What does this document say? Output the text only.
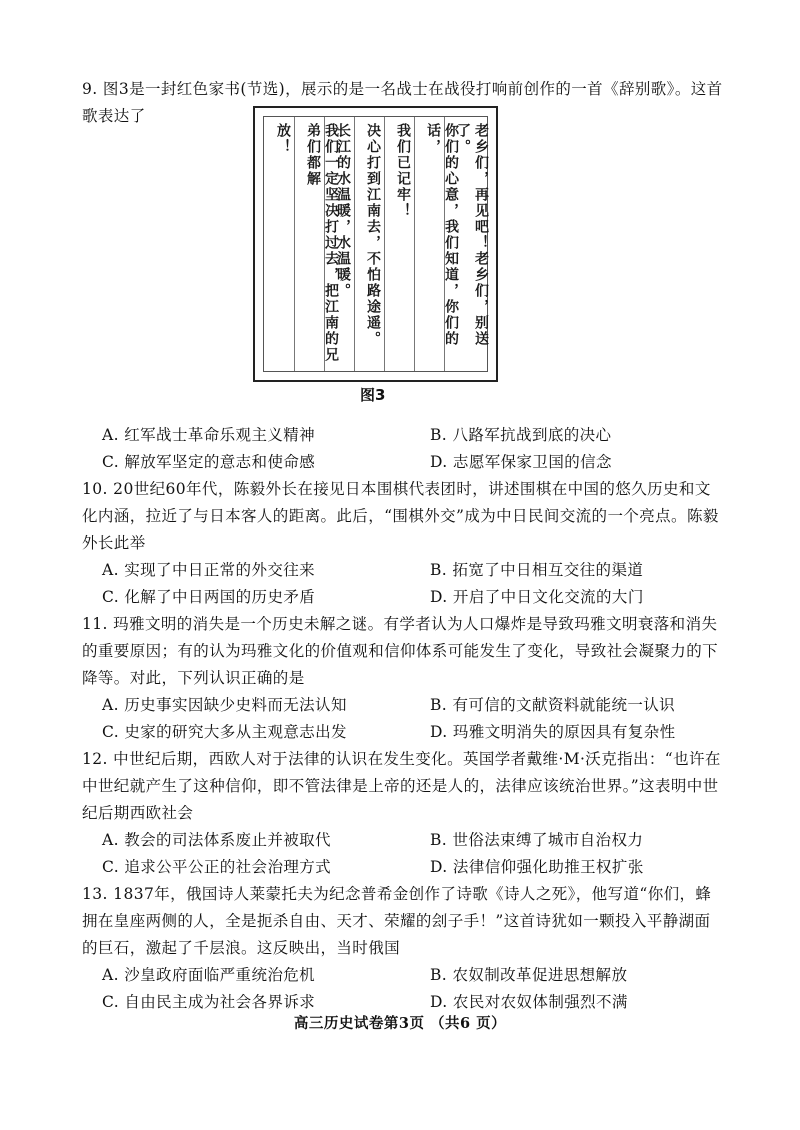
9. 图3是一封红色家书(节选)，展示的是一名战士在战役打响前创作的一首《辞别歌》。这首歌表达了
老乡们，再见吧！老乡们，别送了。
你们的心意，我们知道，你们的话，
我们已记牢！
决心打到江南去，不怕路途遥。
长江的水温暖，水温暖。
我们一定坚决打过去，把江南的兄弟们都解
放！
图3
A. 红军战士革命乐观主义精神	B. 八路军抗战到底的决心
C. 解放军坚定的意志和使命感	D. 志愿军保家卫国的信念
10. 20世纪60年代，陈毅外长在接见日本围棋代表团时，讲述围棋在中国的悠久历史和文化内涵，拉近了与日本客人的距离。此后，“围棋外交”成为中日民间交流的一个亮点。陈毅外长此举
A. 实现了中日正常的外交往来	B. 拓宽了中日相互交往的渠道
C. 化解了中日两国的历史矛盾	D. 开启了中日文化交流的大门
11. 玛雅文明的消失是一个历史未解之谜。有学者认为人口爆炸是导致玛雅文明衰落和消失的重要原因；有的认为玛雅文化的价值观和信仰体系可能发生了变化，导致社会凝聚力的下降等。对此，下列认识正确的是
A. 历史事实因缺少史料而无法认知	B. 有可信的文献资料就能统一认识
C. 史家的研究大多从主观意志出发	D. 玛雅文明消失的原因具有复杂性
12. 中世纪后期，西欧人对于法律的认识在发生变化。英国学者戴维·M·沃克指出：“也许在中世纪就产生了这种信仰，即不管法律是上帝的还是人的，法律应该统治世界。”这表明中世纪后期西欧社会
A. 教会的司法体系废止并被取代	B. 世俗法束缚了城市自治权力
C. 追求公平公正的社会治理方式	D. 法律信仰强化助推王权扩张
13. 1837年，俄国诗人莱蒙托夫为纪念普希金创作了诗歌《诗人之死》，他写道“你们，蜂拥在皇座两侧的人，全是扼杀自由、天才、荣耀的刽子手！”这首诗犹如一颗投入平静湖面的巨石，激起了千层浪。这反映出，当时俄国
A. 沙皇政府面临严重统治危机	B. 农奴制改革促进思想解放
C. 自由民主成为社会各界诉求	D. 农民对农奴体制强烈不满
高三历史试卷第3页 （共6 页）
